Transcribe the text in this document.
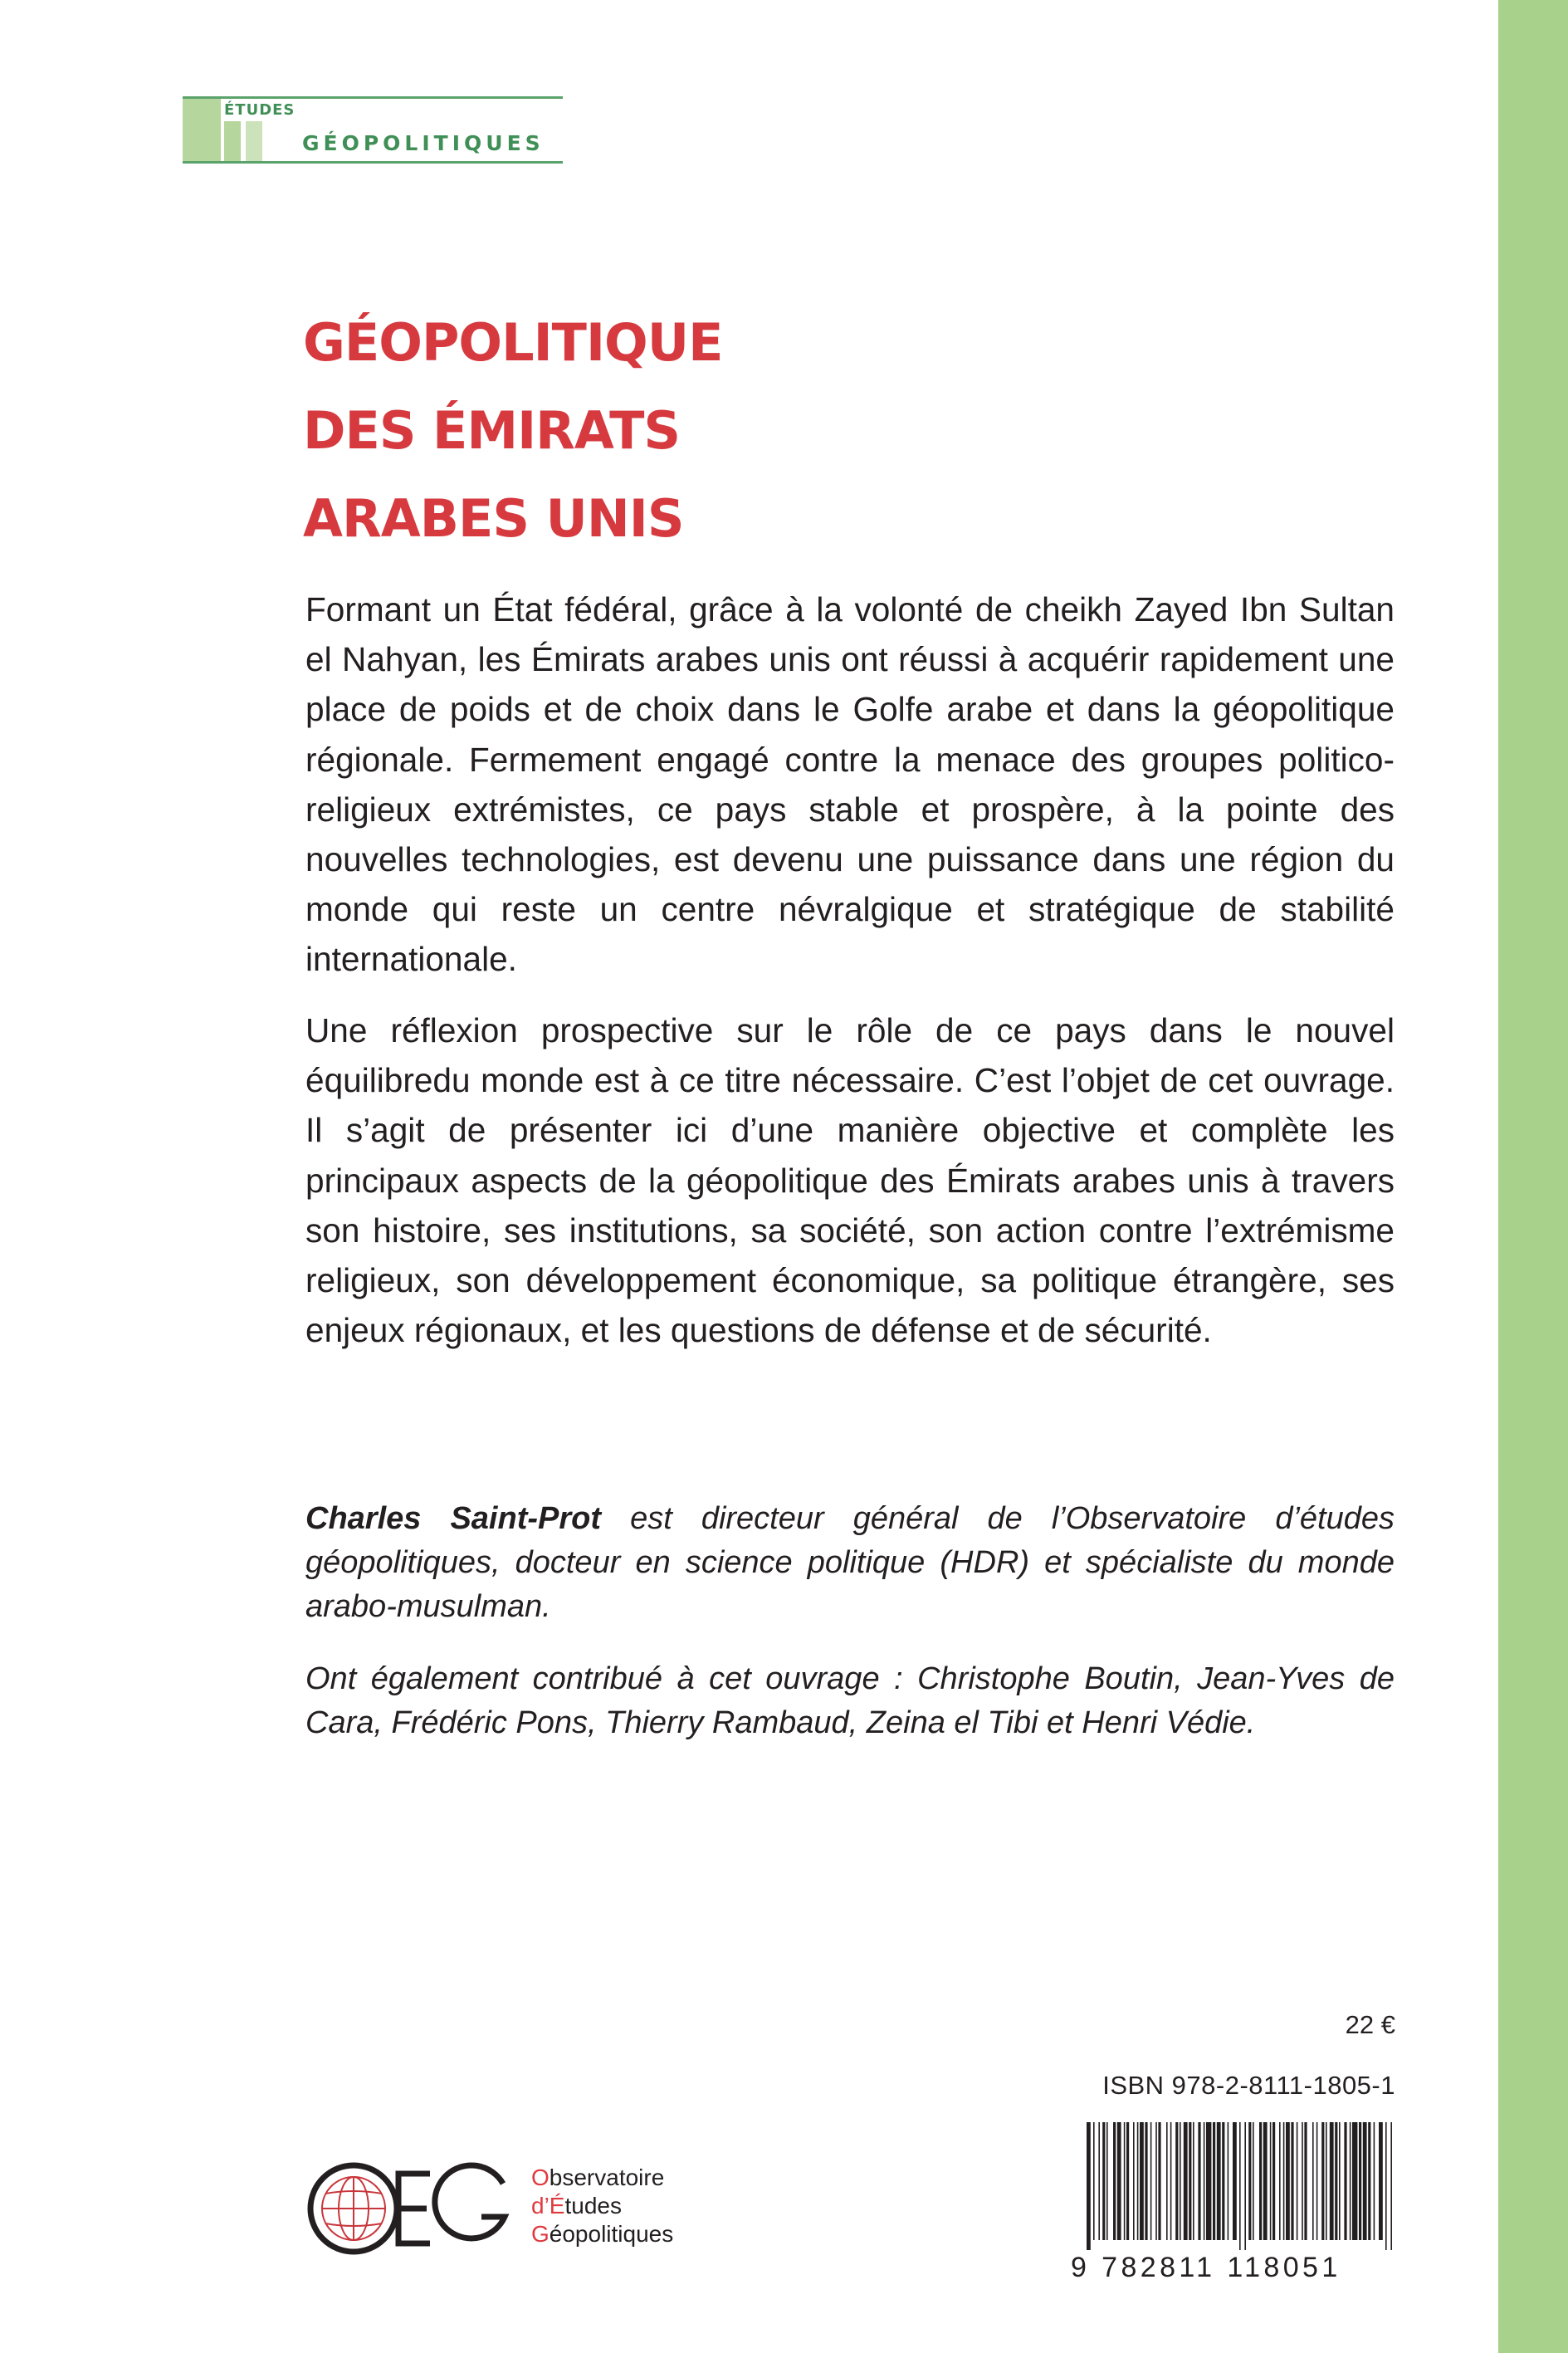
ÉTUDES
GÉOPOLITIQUES
GÉOPOLITIQUE
DES ÉMIRATS
ARABES UNIS

Formant un État fédéral, grâce à la volonté de cheikh Zayed Ibn Sultan el Nahyan, les Émirats arabes unis ont réussi à acquérir rapidement une place de poids et de choix dans le Golfe arabe et dans la géopolitique régionale. Fermement engagé contre la menace des groupes politico-religieux extrémistes, ce pays stable et prospère, à la pointe des nouvelles technologies, est devenu une puissance dans une région du monde qui reste un centre névralgique et stratégique de stabilité internationale.

Une réflexion prospective sur le rôle de ce pays dans le nouvel équilibredu monde est à ce titre nécessaire. C’est l’objet de cet ouvrage. Il s’agit de présenter ici d’une manière objective et complète les principaux aspects de la géopolitique des Émirats arabes unis à travers son histoire, ses institutions, sa société, son action contre l’extrémisme religieux, son développement économique, sa politique étrangère, ses enjeux régionaux, et les questions de défense et de sécurité.

Charles Saint-Prot est directeur général de l’Observatoire d’études géopolitiques, docteur en science politique (HDR) et spécialiste du monde arabo-musulman.

Ont également contribué à cet ouvrage : Christophe Boutin, Jean-Yves de Cara, Frédéric Pons, Thierry Rambaud, Zeina el Tibi et Henri Védie.

22 €
ISBN 978-2-8111-1805-1
9 782811 118051
Observatoire
d’Études
Géopolitiques
